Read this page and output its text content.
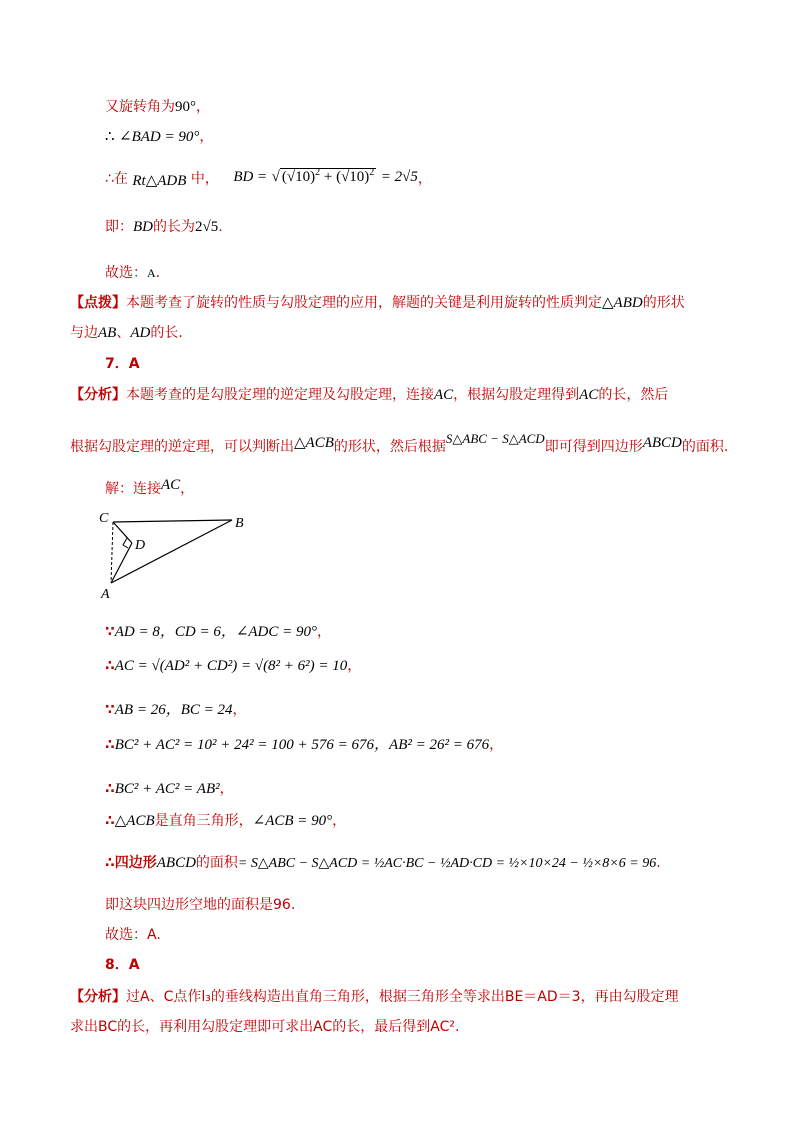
又旋转角为90°，
∴ ∠BAD = 90°，
∴在 Rt△ADB 中， BD = √ $(√10)^2 + (√10)^2 = 2√5$，
即：BD的长为2√5.
故选：A.
【点拨】本题考查了旋转的性质与勾股定理的应用，解题的关键是利用旋转的性质判定△ABD的形状
与边AB、AD的长.
7．A
【分析】本题考查的是勾股定理的逆定理及勾股定理，连接AC，根据勾股定理得到AC的长，然后
根据勾股定理的逆定理，可以判断出△ACB的形状，然后根据S△ABC − S△ACD即可得到四边形ABCD的面积.
解：连接AC，
C	B
D
A
∵AD = 8，CD = 6，∠ADC = 90°，
∴AC = √(AD² + CD²) = √(8² + 6²) = 10，
∵AB = 26，BC = 24，
∴BC² + AC² = 10² + 24² = 100 + 576 = 676，AB² = 26² = 676，
∴BC² + AC² = AB²，
∴△ACB是直角三角形，∠ACB = 90°，
∴四边形ABCD的面积= S△ABC − S△ACD = ½AC·BC − ½AD·CD = ½×10×24 − ½×8×6 = 96.
即这块四边形空地的面积是96.
故选：A.
8．A
【分析】过A、C点作l₃的垂线构造出直角三角形，根据三角形全等求出BE＝AD＝3，再由勾股定理
求出BC的长，再利用勾股定理即可求出AC的长，最后得到AC².
